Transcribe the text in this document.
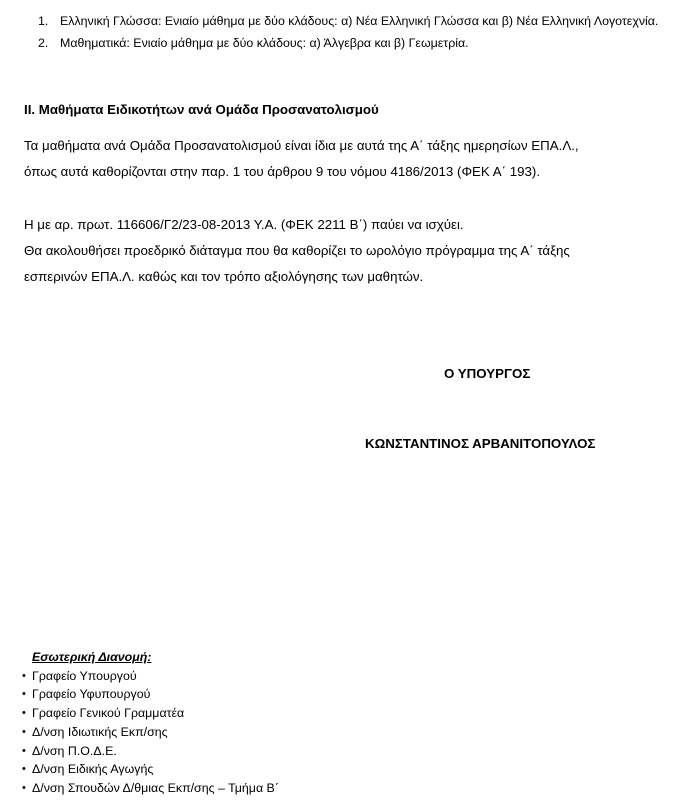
1. Ελληνική Γλώσσα: Ενιαίο μάθημα με δύο κλάδους: α) Νέα Ελληνική Γλώσσα και β) Νέα Ελληνική Λογοτεχνία.
2. Μαθηματικά: Ενιαίο μάθημα με δύο κλάδους: α) Άλγεβρα και β) Γεωμετρία.
ΙΙ. Μαθήματα Ειδικοτήτων ανά Ομάδα Προσανατολισμού
Τα μαθήματα ανά Ομάδα Προσανατολισμού είναι ίδια με αυτά της Α΄ τάξης ημερησίων ΕΠΑ.Λ.,
όπως αυτά καθορίζονται στην παρ. 1 του άρθρου 9 του νόμου 4186/2013 (ΦΕΚ Α΄ 193).
Η με αρ. πρωτ. 116606/Γ2/23-08-2013 Υ.Α. (ΦΕΚ 2211 Β΄) παύει να ισχύει.
Θα ακολουθήσει προεδρικό διάταγμα που θα καθορίζει το ωρολόγιο πρόγραμμα της Α΄ τάξης
εσπερινών ΕΠΑ.Λ. καθώς και τον τρόπο αξιολόγησης των μαθητών.
Ο ΥΠΟΥΡΓΟΣ
ΚΩΝΣΤΑΝΤΙΝΟΣ ΑΡΒΑΝΙΤΟΠΟΥΛΟΣ
Εσωτερική Διανομή:
• Γραφείο Υπουργού
• Γραφείο Υφυπουργού
• Γραφείο Γενικού Γραμματέα
• Δ/νση Ιδιωτικής Εκπ/σης
• Δ/νση Π.Ο.Δ.Ε.
• Δ/νση Ειδικής Αγωγής
• Δ/νση Σπουδών Δ/θμιας Εκπ/σης – Τμήμα Β΄
